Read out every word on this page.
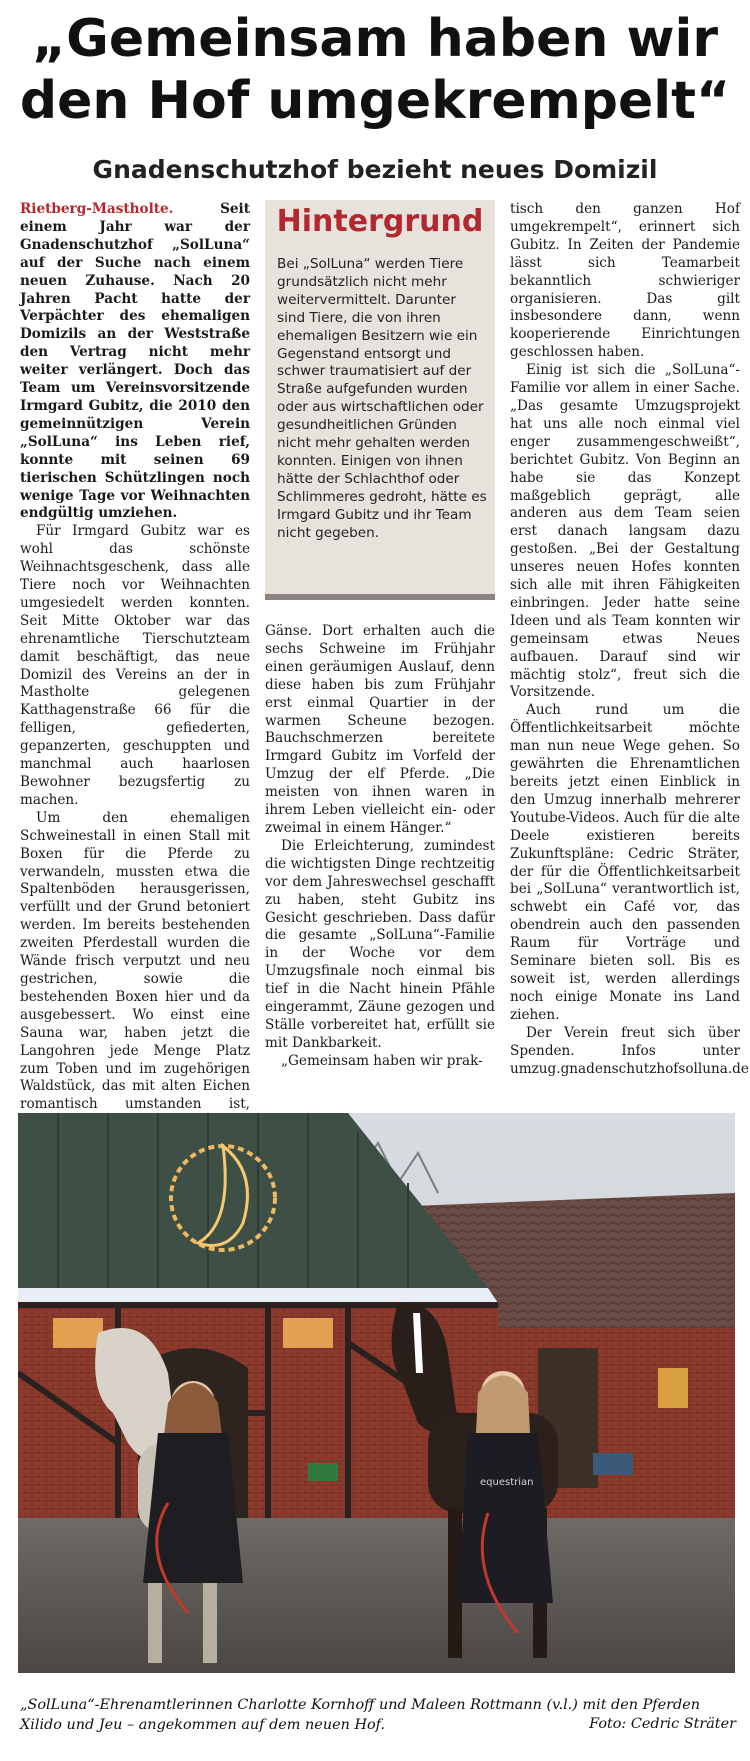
„Gemeinsam haben wir
den Hof umgekrempelt“
Gnadenschutzhof bezieht neues Domizil

Rietberg-Mastholte.	Seit einem Jahr war der Gnadenschutzhof „SolLuna“ auf der Suche nach einem neuen Zuhause. Nach 20 Jahren Pacht hatte der Verpächter des ehemaligen Domizils an der Weststraße den Vertrag nicht mehr weiter verlängert. Doch das Team um Vereinsvorsitzende Irmgard Gubitz, die 2010 den gemeinnützigen Verein „SolLuna“ ins Leben rief, konnte mit seinen 69 tierischen Schützlingen noch wenige Tage vor Weihnachten endgültig umziehen.

Für Irmgard Gubitz war es wohl das schönste Weihnachtsgeschenk, dass alle Tiere noch vor Weihnachten umgesiedelt werden konnten. Seit Mitte Oktober war das ehrenamtliche Tierschutzteam damit beschäftigt, das neue Domizil des Vereins an der in Mastholte gelegenen Katthagenstraße 66 für die felligen, gefiederten, gepanzerten, geschuppten und manchmal auch haarlosen Bewohner bezugsfertig zu machen.

Um den ehemaligen Schweinestall in einen Stall mit Boxen für die Pferde zu verwandeln, mussten etwa die Spaltenböden herausgerissen, verfüllt und der Grund betoniert werden. Im bereits bestehenden zweiten Pferdestall wurden die Wände frisch verputzt und neu gestrichen, sowie die bestehenden Boxen hier und da ausgebessert. Wo einst eine Sauna war, haben jetzt die Langohren jede Menge Platz zum Toben und im zugehörigen Waldstück, das mit alten Eichen romantisch umstanden ist,

Hintergrund

Bei „SolLuna“ werden Tiere grundsätzlich nicht mehr weitervermittelt. Darunter sind Tiere, die von ihren ehemaligen Besitzern wie ein Gegenstand entsorgt und schwer traumatisiert auf der Straße aufgefunden wurden oder aus wirtschaftlichen oder gesundheitlichen Gründen nicht mehr gehalten werden konnten. Einigen von ihnen hätte der Schlachthof oder Schlimmeres gedroht, hätte es Irmgard Gubitz und ihr Team nicht gegeben.

Gänse. Dort erhalten auch die sechs Schweine im Frühjahr einen geräumigen Auslauf, denn diese haben bis zum Frühjahr erst einmal Quartier in der warmen Scheune bezogen. Bauchschmerzen bereitete Irmgard Gubitz im Vorfeld der Umzug der elf Pferde. „Die meisten von ihnen waren in ihrem Leben vielleicht ein- oder zweimal in einem Hänger.“

Die Erleichterung, zumindest die wichtigsten Dinge rechtzeitig vor dem Jahreswechsel geschafft zu haben, steht Gubitz ins Gesicht geschrieben. Dass dafür die gesamte „SolLuna“-Familie in der Woche vor dem Umzugsfinale noch einmal bis tief in die Nacht hinein Pfähle eingerammt, Zäune gezogen und Ställe vorbereitet hat, erfüllt sie mit Dankbarkeit.

„Gemeinsam haben wir prak-

tisch den ganzen Hof umgekrempelt“, erinnert sich Gubitz. In Zeiten der Pandemie lässt sich Teamarbeit bekanntlich schwieriger organisieren. Das gilt insbesondere dann, wenn kooperierende Einrichtungen geschlossen haben.

Einig ist sich die „SolLuna“-Familie vor allem in einer Sache. „Das gesamte Umzugsprojekt hat uns alle noch einmal viel enger zusammengeschweißt“, berichtet Gubitz. Von Beginn an habe sie das Konzept maßgeblich geprägt, alle anderen aus dem Team seien erst danach langsam dazu gestoßen. „Bei der Gestaltung unseres neuen Hofes konnten sich alle mit ihren Fähigkeiten einbringen. Jeder hatte seine Ideen und als Team konnten wir gemeinsam etwas Neues aufbauen. Darauf sind wir mächtig stolz“, freut sich die Vorsitzende.

Auch rund um die Öffentlichkeitsarbeit möchte man nun neue Wege gehen. So gewährten die Ehrenamtlichen bereits jetzt einen Einblick in den Umzug innerhalb mehrerer Youtube-Videos. Auch für die alte Deele existieren bereits Zukunftspläne: Cedric Sträter, der für die Öffentlichkeitsarbeit bei „SolLuna“ verantwortlich ist, schwebt ein Café vor, das obendrein auch den passenden Raum für Vorträge und Seminare bieten soll. Bis es soweit ist, werden allerdings noch einige Monate ins Land ziehen.

Der Verein freut sich über Spenden. Infos unter umzug.gnadenschutzhofsolluna.de

equestrian

„SolLuna“-Ehrenamtlerinnen Charlotte Kornhoff und Maleen Rottmann (v.l.) mit den Pferden Xilido und Jeu – angekommen auf dem neuen Hof.	Foto: Cedric Sträter
